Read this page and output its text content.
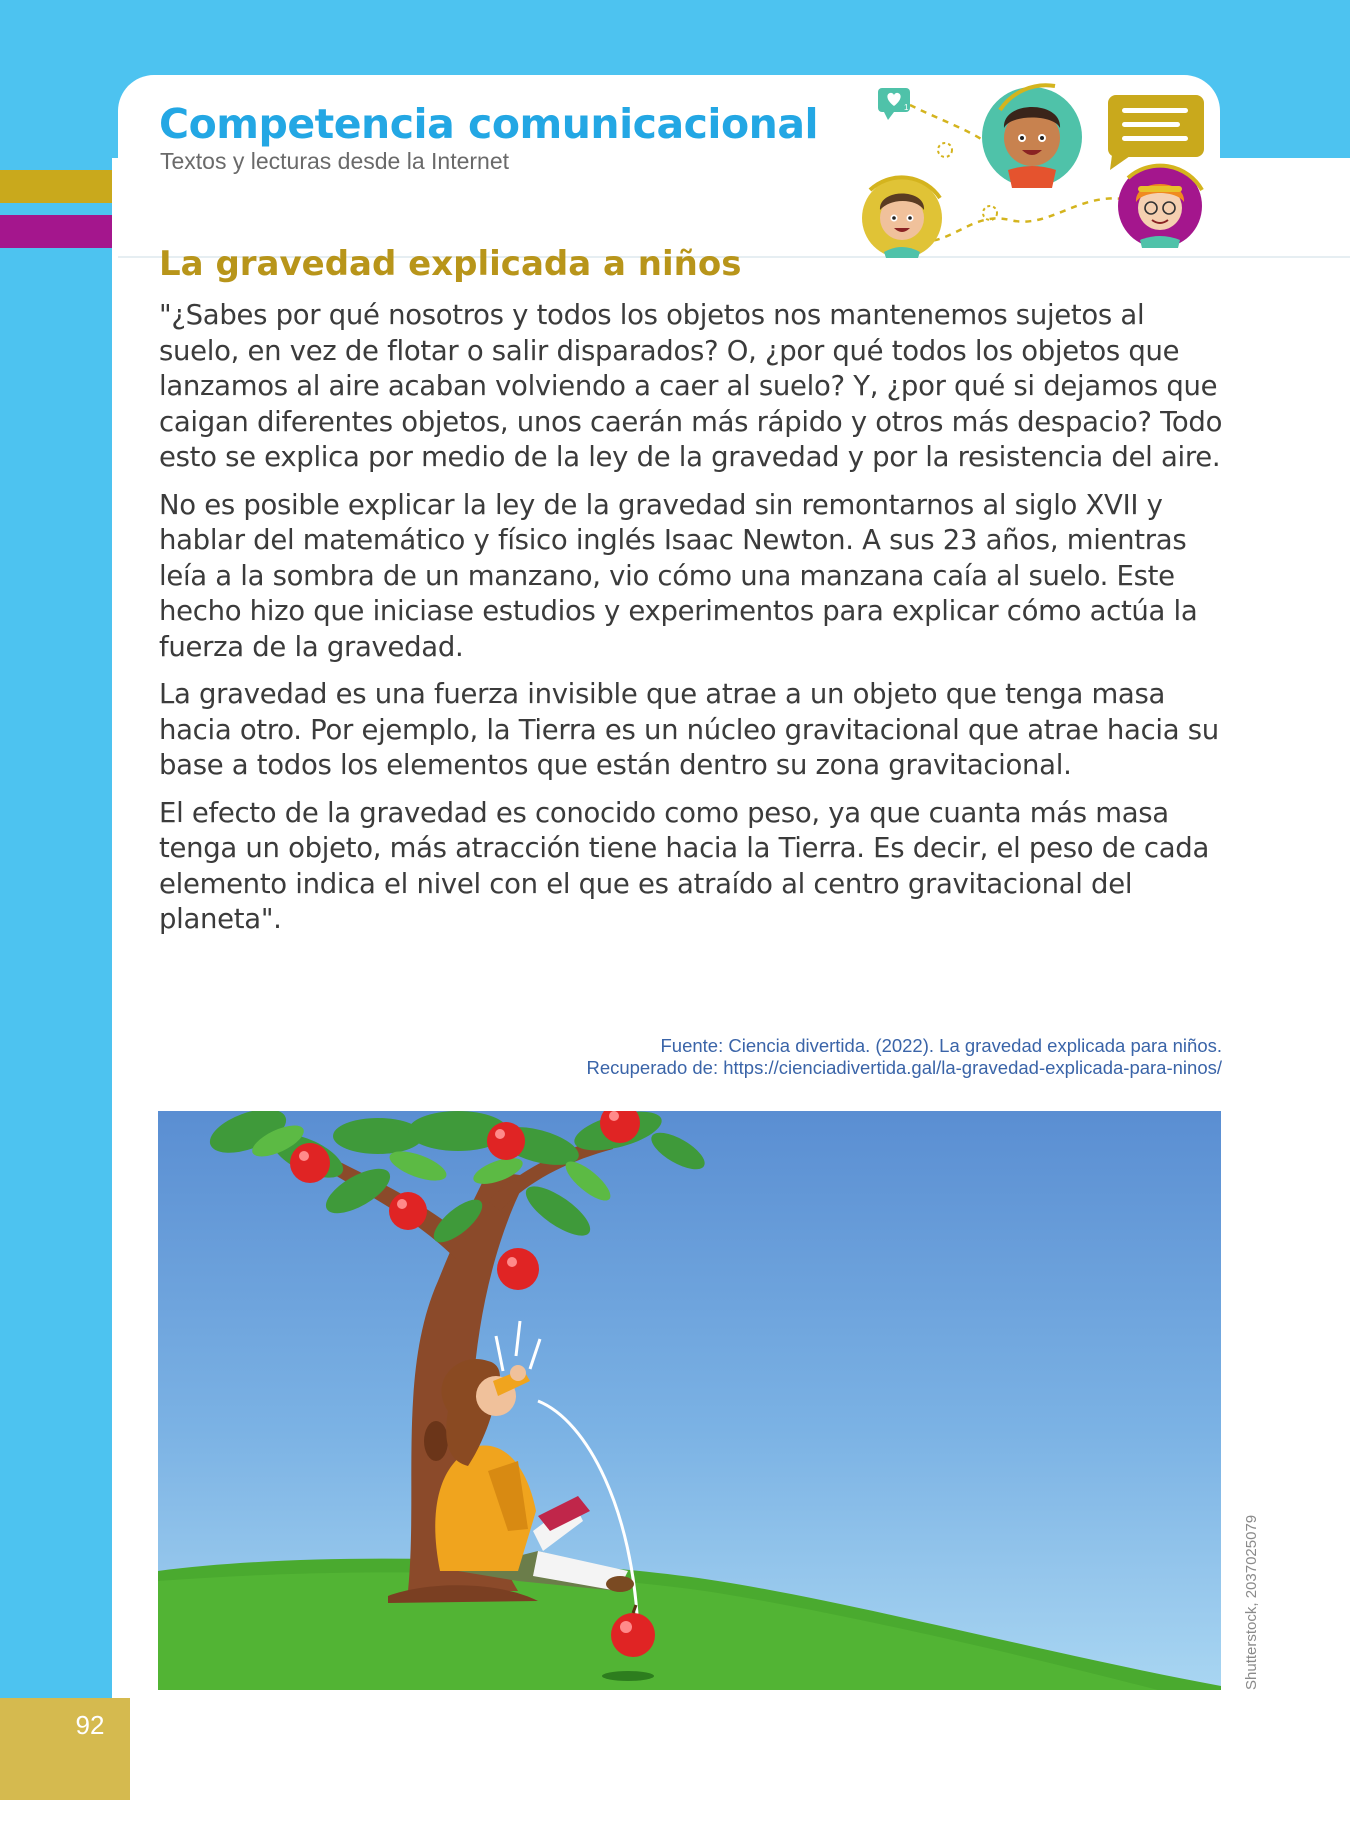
Competencia comunicacional

Textos y lecturas desde la Internet

1
La gravedad explicada a niños

"¿Sabes por qué nosotros y todos los objetos nos mantenemos sujetos al suelo, en vez de flotar o salir disparados? O, ¿por qué todos los objetos que lanzamos al aire acaban volviendo a caer al suelo? Y, ¿por qué si dejamos que caigan diferentes objetos, unos caerán más rápido y otros más despacio? Todo esto se explica por medio de la ley de la gravedad y por la resistencia del aire.

No es posible explicar la ley de la gravedad sin remontarnos al siglo XVII y hablar del matemático y físico inglés Isaac Newton. A sus 23 años, mientras leía a la sombra de un manzano, vio cómo una manzana caía al suelo. Este hecho hizo que iniciase estudios y experimentos para explicar cómo actúa la fuerza de la gravedad.

La gravedad es una fuerza invisible que atrae a un objeto que tenga masa hacia otro. Por ejemplo, la Tierra es un núcleo gravitacional que atrae hacia su base a todos los elementos que están dentro su zona gravitacional.

El efecto de la gravedad es conocido como peso, ya que cuanta más masa tenga un objeto, más atracción tiene hacia la Tierra. Es decir, el peso de cada elemento indica el nivel con el que es atraído al centro gravitacional del planeta".

Fuente: Ciencia divertida. (2022). La gravedad explicada para niños.
Recuperado de: https://cienciadivertida.gal/la-gravedad-explicada-para-ninos/
Shutterstock, 2037025079
92
